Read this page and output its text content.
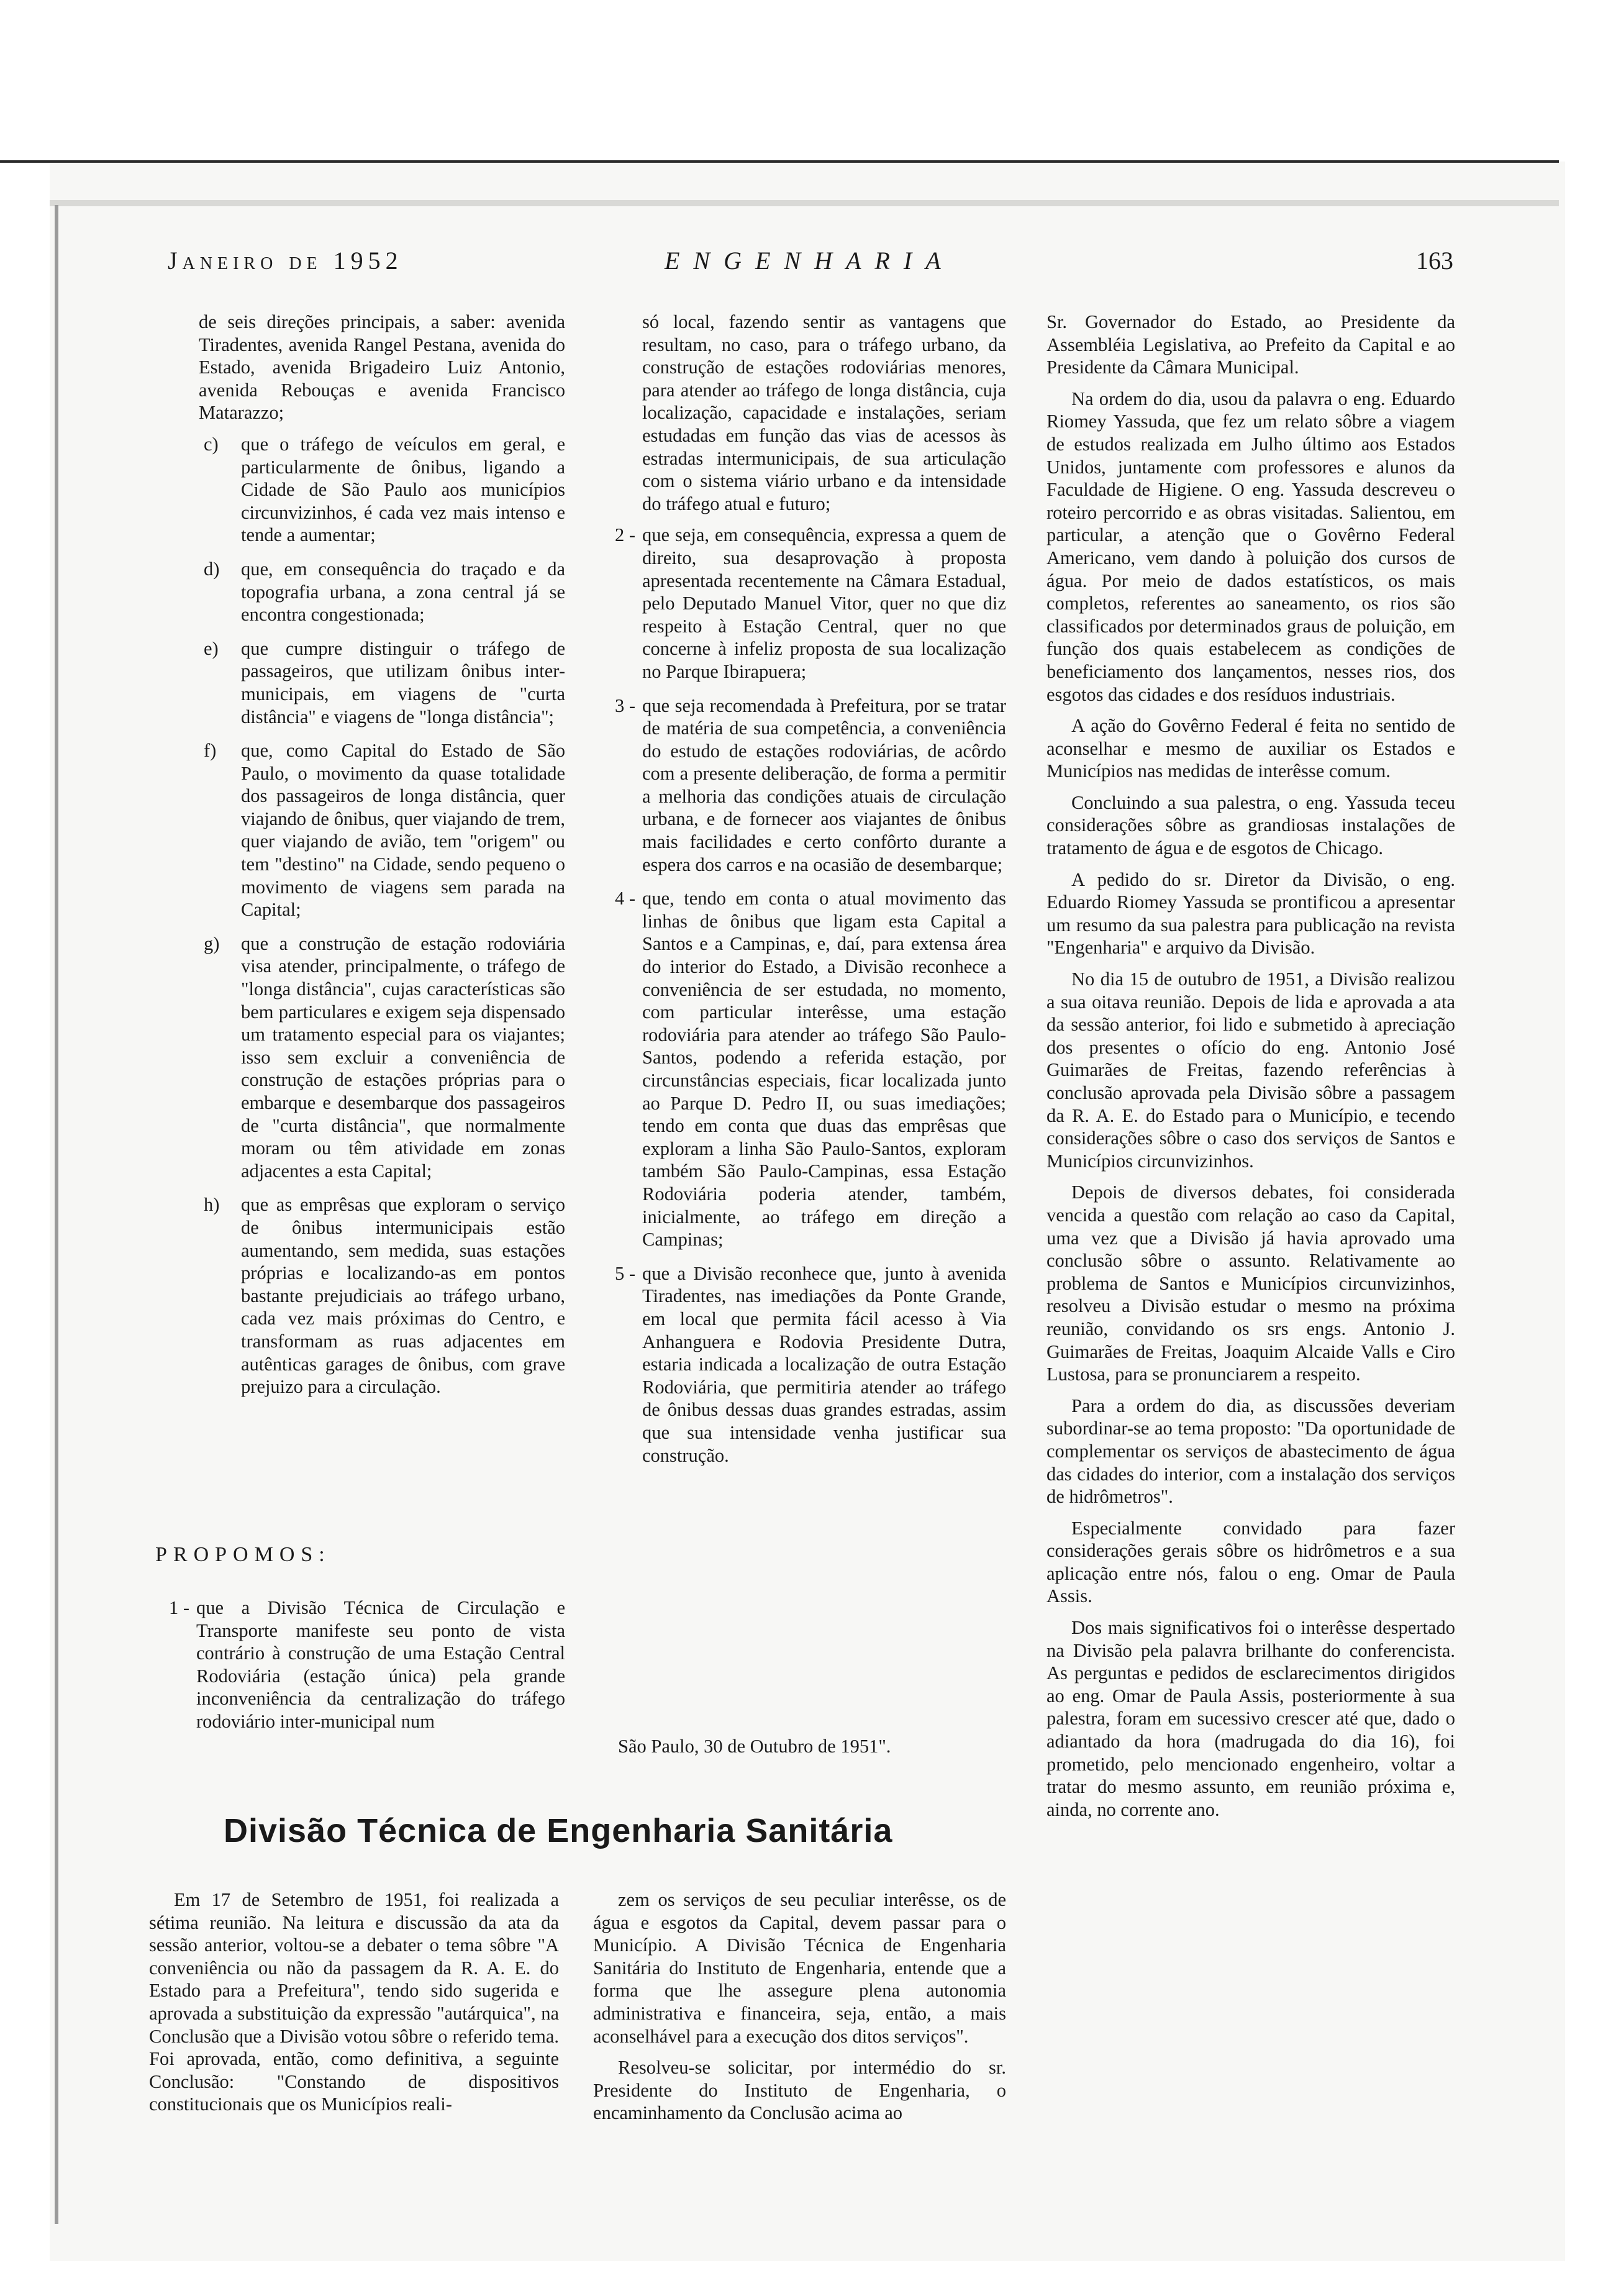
Janeiro de 1952	ENGENHARIA	163

de seis direções principais, a saber: avenida Tiradentes, avenida Rangel Pestana, avenida do Estado, avenida Brigadeiro Luiz Antonio, avenida Rebouças e avenida Francisco Matarazzo;

c) que o tráfego de veículos em geral, e particularmente de ônibus, ligando a Cidade de São Paulo aos municípios circunvizinhos, é cada vez mais intenso e tende a aumentar;
d) que, em consequência do traçado e da topografia urbana, a zona central já se encontra congestionada;
e) que cumpre distinguir o tráfego de passageiros, que utilizam ônibus inter-municipais, em viagens de "curta distância" e viagens de "longa distância";
f) que, como Capital do Estado de São Paulo, o movimento da quase totalidade dos passageiros de longa distância, quer viajando de ônibus, quer viajando de trem, quer viajando de avião, tem "origem" ou tem "destino" na Cidade, sendo pequeno o movimento de viagens sem parada na Capital;
g) que a construção de estação rodoviária visa atender, principalmente, o tráfego de "longa distância", cujas características são bem particulares e exigem seja dispensado um tratamento especial para os viajantes; isso sem excluir a conveniência de construção de estações próprias para o embarque e desembarque dos passageiros de "curta distância", que normalmente moram ou têm atividade em zonas adjacentes a esta Capital;
h) que as emprêsas que exploram o serviço de ônibus intermunicipais estão aumentando, sem medida, suas estações próprias e localizando-as em pontos bastante prejudiciais ao tráfego urbano, cada vez mais próximas do Centro, e transformam as ruas adjacentes em autênticas garages de ônibus, com grave prejuizo para a circulação.
PROPOMOS:
1 - que a Divisão Técnica de Circulação e Transporte manifeste seu ponto de vista contrário à construção de uma Estação Central Rodoviária (estação única) pela grande inconveniência da centralização do tráfego rodoviário inter-municipal num

só local, fazendo sentir as vantagens que resultam, no caso, para o tráfego urbano, da construção de estações rodoviárias menores, para atender ao tráfego de longa distância, cuja localização, capacidade e instalações, seriam estudadas em função das vias de acessos às estradas intermunicipais, de sua articulação com o sistema viário urbano e da intensidade do tráfego atual e futuro;

2 - que seja, em consequência, expressa a quem de direito, sua desaprovação à proposta apresentada recentemente na Câmara Estadual, pelo Deputado Manuel Vitor, quer no que diz respeito à Estação Central, quer no que concerne à infeliz proposta de sua localização no Parque Ibirapuera;
3 - que seja recomendada à Prefeitura, por se tratar de matéria de sua competência, a conveniência do estudo de estações rodoviárias, de acôrdo com a presente deliberação, de forma a permitir a melhoria das condições atuais de circulação urbana, e de fornecer aos viajantes de ônibus mais facilidades e certo confôrto durante a espera dos carros e na ocasião de desembarque;
4 - que, tendo em conta o atual movimento das linhas de ônibus que ligam esta Capital a Santos e a Campinas, e, daí, para extensa área do interior do Estado, a Divisão reconhece a conveniência de ser estudada, no momento, com particular interêsse, uma estação rodoviária para atender ao tráfego São Paulo-Santos, podendo a referida estação, por circunstâncias especiais, ficar localizada junto ao Parque D. Pedro II, ou suas imediações; tendo em conta que duas das emprêsas que exploram a linha São Paulo-Santos, exploram também São Paulo-Campinas, essa Estação Rodoviária poderia atender, também, inicialmente, ao tráfego em direção a Campinas;
5 - que a Divisão reconhece que, junto à avenida Tiradentes, nas imediações da Ponte Grande, em local que permita fácil acesso à Via Anhanguera e Rodovia Presidente Dutra, estaria indicada a localização de outra Estação Rodoviária, que permitiria atender ao tráfego de ônibus dessas duas grandes estradas, assim que sua intensidade venha justificar sua construção.
São Paulo, 30 de Outubro de 1951".
Divisão Técnica de Engenharia Sanitária

Em 17 de Setembro de 1951, foi realizada a sétima reunião. Na leitura e discussão da ata da sessão anterior, voltou-se a debater o tema sôbre "A conveniência ou não da passagem da R. A. E. do Estado para a Prefeitura", tendo sido sugerida e aprovada a substituição da expressão "autárquica", na Conclusão que a Divisão votou sôbre o referido tema. Foi aprovada, então, como definitiva, a seguinte Conclusão: "Constando de dispositivos constitucionais que os Municípios reali-

zem os serviços de seu peculiar interêsse, os de água e esgotos da Capital, devem passar para o Município. A Divisão Técnica de Engenharia Sanitária do Instituto de Engenharia, entende que a forma que lhe assegure plena autonomia administrativa e financeira, seja, então, a mais aconselhável para a execução dos ditos serviços".

Resolveu-se solicitar, por intermédio do sr. Presidente do Instituto de Engenharia, o encaminhamento da Conclusão acima ao

Sr. Governador do Estado, ao Presidente da Assembléia Legislativa, ao Prefeito da Capital e ao Presidente da Câmara Municipal.

Na ordem do dia, usou da palavra o eng. Eduardo Riomey Yassuda, que fez um relato sôbre a viagem de estudos realizada em Julho último aos Estados Unidos, juntamente com professores e alunos da Faculdade de Higiene. O eng. Yassuda descreveu o roteiro percorrido e as obras visitadas. Salientou, em particular, a atenção que o Govêrno Federal Americano, vem dando à poluição dos cursos de água. Por meio de dados estatísticos, os mais completos, referentes ao saneamento, os rios são classificados por determinados graus de poluição, em função dos quais estabelecem as condições de beneficiamento dos lançamentos, nesses rios, dos esgotos das cidades e dos resíduos industriais.

A ação do Govêrno Federal é feita no sentido de aconselhar e mesmo de auxiliar os Estados e Municípios nas medidas de interêsse comum.

Concluindo a sua palestra, o eng. Yassuda teceu considerações sôbre as grandiosas instalações de tratamento de água e de esgotos de Chicago.

A pedido do sr. Diretor da Divisão, o eng. Eduardo Riomey Yassuda se prontificou a apresentar um resumo da sua palestra para publicação na revista "Engenharia" e arquivo da Divisão.

No dia 15 de outubro de 1951, a Divisão realizou a sua oitava reunião. Depois de lida e aprovada a ata da sessão anterior, foi lido e submetido à apreciação dos presentes o ofício do eng. Antonio José Guimarães de Freitas, fazendo referências à conclusão aprovada pela Divisão sôbre a passagem da R. A. E. do Estado para o Município, e tecendo considerações sôbre o caso dos serviços de Santos e Municípios circunvizinhos.

Depois de diversos debates, foi considerada vencida a questão com relação ao caso da Capital, uma vez que a Divisão já havia aprovado uma conclusão sôbre o assunto. Relativamente ao problema de Santos e Municípios circunvizinhos, resolveu a Divisão estudar o mesmo na próxima reunião, convidando os srs engs. Antonio J. Guimarães de Freitas, Joaquim Alcaide Valls e Ciro Lustosa, para se pronunciarem a respeito.

Para a ordem do dia, as discussões deveriam subordinar-se ao tema proposto: "Da oportunidade de complementar os serviços de abastecimento de água das cidades do interior, com a instalação dos serviços de hidrômetros".

Especialmente convidado para fazer considerações gerais sôbre os hidrômetros e a sua aplicação entre nós, falou o eng. Omar de Paula Assis.

Dos mais significativos foi o interêsse despertado na Divisão pela palavra brilhante do conferencista. As perguntas e pedidos de esclarecimentos dirigidos ao eng. Omar de Paula Assis, posteriormente à sua palestra, foram em sucessivo crescer até que, dado o adiantado da hora (madrugada do dia 16), foi prometido, pelo mencionado engenheiro, voltar a tratar do mesmo assunto, em reunião próxima e, ainda, no corrente ano.
